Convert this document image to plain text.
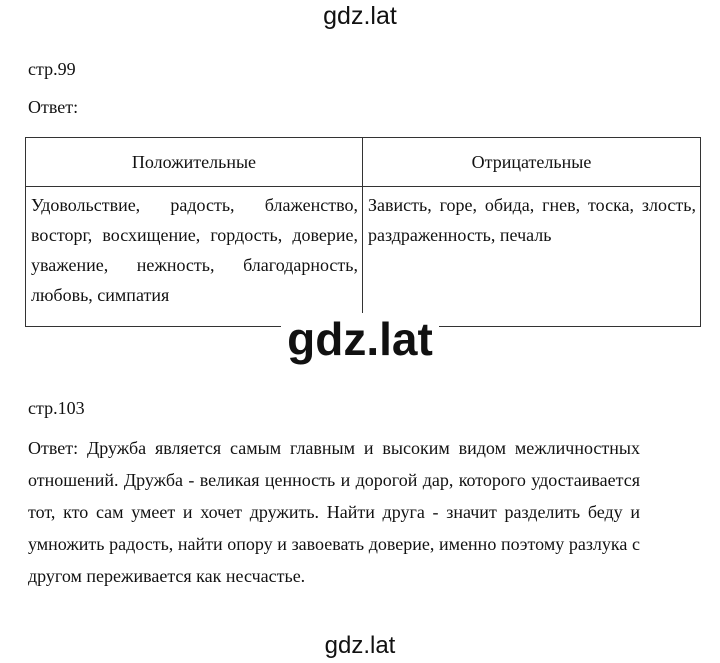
gdz.lat
стр.99
Ответ:
Положительные	Отрицательные
Удовольствие, радость, блаженство, восторг, восхищение, гордость, доверие, уважение, нежность, благодарность, любовь, симпатия	Зависть, горе, обида, гнев, тоска, злость, раздраженность, печаль
gdz.lat
стр.103
Ответ: Дружба является самым главным и высоким видом межличностных отношений. Дружба - великая ценность и дорогой дар, которого удостаивается тот, кто сам умеет и хочет дружить. Найти друга - значит разделить беду и умножить радость, найти опору и завоевать доверие, именно поэтому разлука с другом переживается как несчастье.
gdz.lat
